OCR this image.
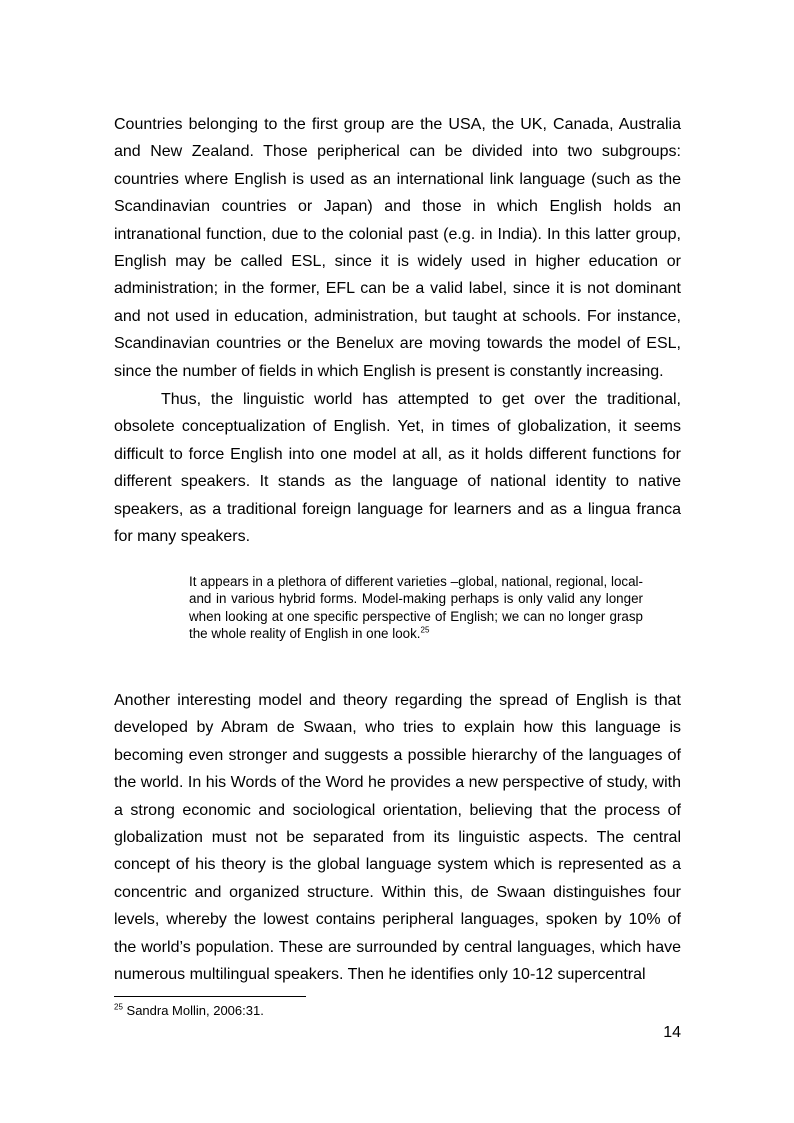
Countries belonging to the first group are the USA, the UK, Canada, Australia and New Zealand. Those peripherical can be divided into two subgroups: countries where English is used as an international link language (such as the Scandinavian countries or Japan) and those in which English holds an intranational function, due to the colonial past (e.g. in India). In this latter group, English may be called ESL, since it is widely used in higher education or administration; in the former, EFL can be a valid label, since it is not dominant and not used in education, administration, but taught at schools. For instance, Scandinavian countries or the Benelux are moving towards the model of ESL, since the number of fields in which English is present is constantly increasing.

Thus, the linguistic world has attempted to get over the traditional, obsolete conceptualization of English. Yet, in times of globalization, it seems difficult to force English into one model at all, as it holds different functions for different speakers. It stands as the language of national identity to native speakers, as a traditional foreign language for learners and as a lingua franca for many speakers.

It appears in a plethora of different varieties –global, national, regional, local- and in various hybrid forms. Model-making perhaps is only valid any longer when looking at one specific perspective of English; we can no longer grasp the whole reality of English in one look.$^{25}$

Another interesting model and theory regarding the spread of English is that developed by Abram de Swaan, who tries to explain how this language is becoming even stronger and suggests a possible hierarchy of the languages of the world. In his Words of the Word he provides a new perspective of study, with a strong economic and sociological orientation, believing that the process of globalization must not be separated from its linguistic aspects. The central concept of his theory is the global language system which is represented as a concentric and organized structure. Within this, de Swaan distinguishes four levels, whereby the lowest contains peripheral languages, spoken by 10% of the world’s population. These are surrounded by central languages, which have numerous multilingual speakers. Then he identifies only 10-12 supercentral

$^{25}$ Sandra Mollin, 2006:31.
14
